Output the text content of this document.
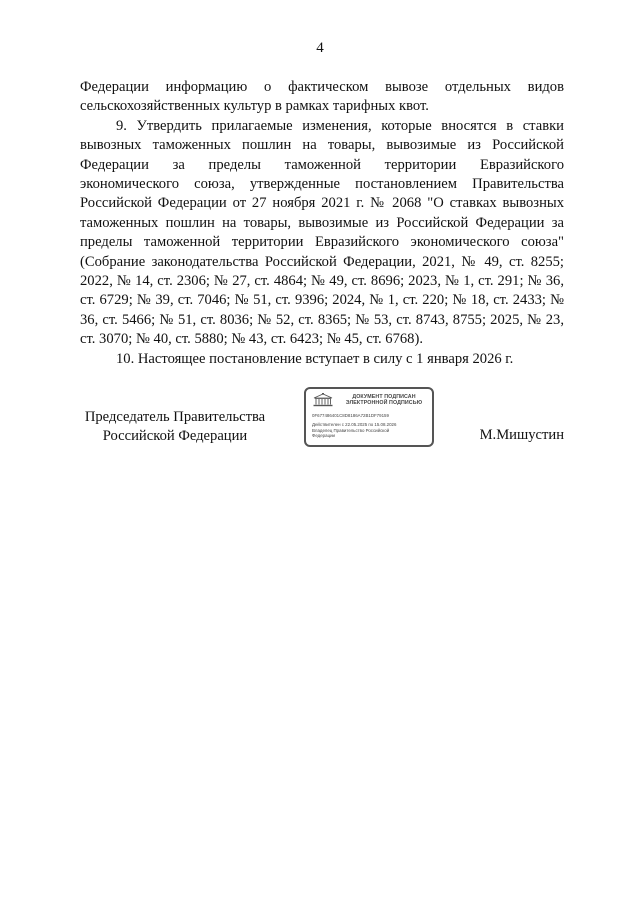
4

Федерации информацию о фактическом вывозе отдельных видов сельскохозяйственных культур в рамках тарифных квот.

9. Утвердить прилагаемые изменения, которые вносятся в ставки вывозных таможенных пошлин на товары, вывозимые из Российской Федерации за пределы таможенной территории Евразийского экономического союза, утвержденные постановлением Правительства Российской Федерации от 27 ноября 2021 г. № 2068 "О ставках вывозных таможенных пошлин на товары, вывозимые из Российской Федерации за пределы таможенной территории Евразийского экономического союза" (Собрание законодательства Российской Федерации, 2021, № 49, ст. 8255; 2022, № 14, ст. 2306; № 27, ст. 4864; № 49, ст. 8696; 2023, № 1, ст. 291; № 36, ст. 6729; № 39, ст. 7046; № 51, ст. 9396; 2024, № 1, ст. 220; № 18, ст. 2433; № 36, ст. 5466; № 51, ст. 8036; № 52, ст. 8365; № 53, ст. 8743, 8755; 2025, № 23, ст. 3070; № 40, ст. 5880; № 43, ст. 6423; № 45, ст. 6768).

10. Настоящее постановление вступает в силу с 1 января 2026 г.

Председатель Правительства
Российской Федерации
ДОКУМЕНТ ПОДПИСАН
ЭЛЕКТРОННОЙ ПОДПИСЬЮ
0F677486401C8D8186A72B1DF79159
Действителен с 22.05.2025 по 15.08.2026
Владелец Правительство Российской
Федерации	М.Мишустин
